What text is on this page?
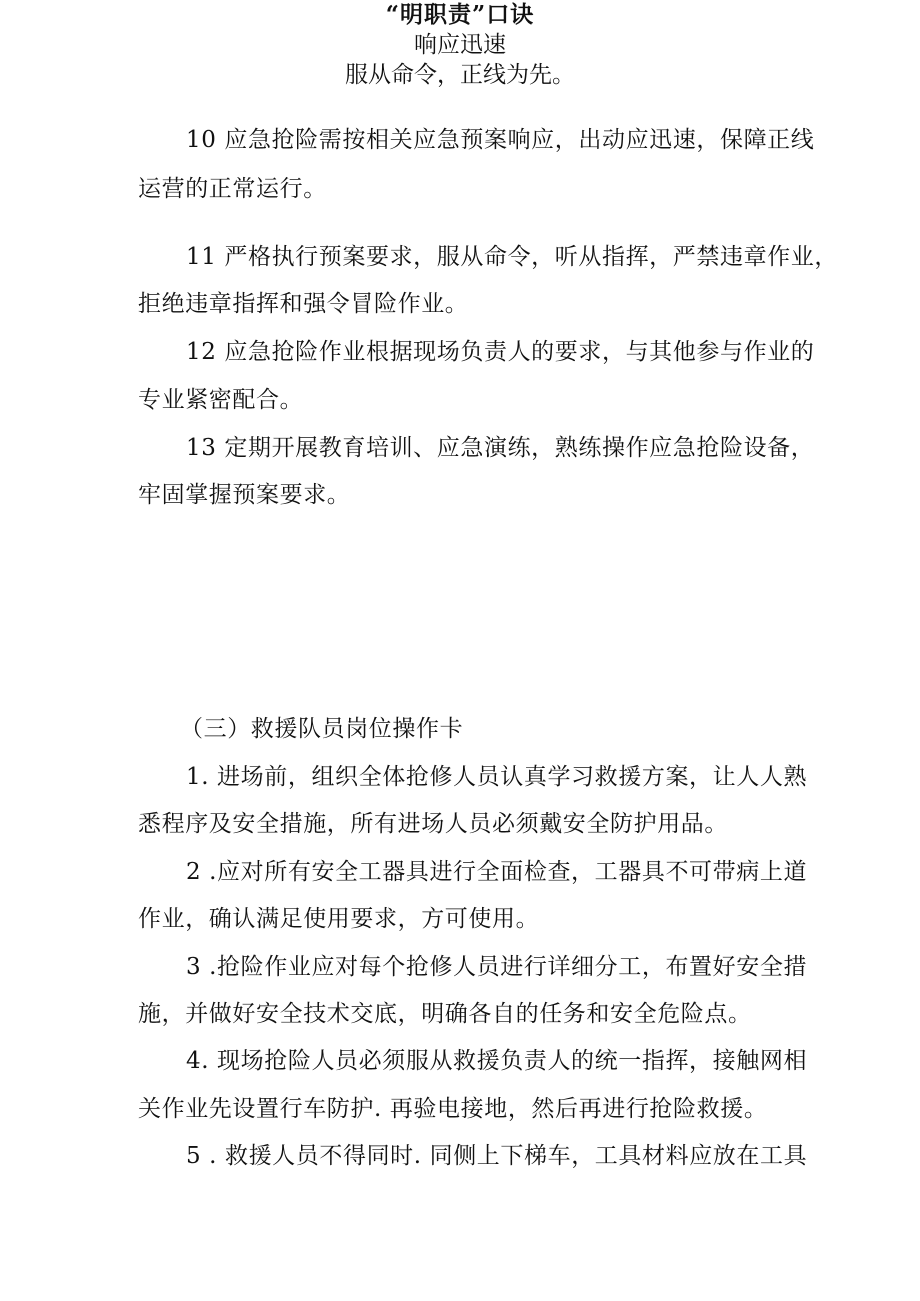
10 应急抢险需按相关应急预案响应，出动应迅速，保障正线
运营的正常运行。
11 严格执行预案要求，服从命令，听从指挥，严禁违章作业，
拒绝违章指挥和强令冒险作业。
12 应急抢险作业根据现场负责人的要求，与其他参与作业的
专业紧密配合。
13 定期开展教育培训、应急演练，熟练操作应急抢险设备，
牢固掌握预案要求。
“明职责”口诀
响应迅速
服从命令，正线为先。
（三）救援队员岗位操作卡
1. 进场前，组织全体抢修人员认真学习救援方案，让人人熟
悉程序及安全措施，所有进场人员必须戴安全防护用品。
2 .应对所有安全工器具进行全面检查，工器具不可带病上道
作业，确认满足使用要求，方可使用。
3 .抢险作业应对每个抢修人员进行详细分工，布置好安全措
施，并做好安全技术交底，明确各自的任务和安全危险点。
4. 现场抢险人员必须服从救援负责人的统一指挥，接触网相
关作业先设置行车防护. 再验电接地，然后再进行抢险救援。
5 . 救援人员不得同时. 同侧上下梯车，工具材料应放在工具
